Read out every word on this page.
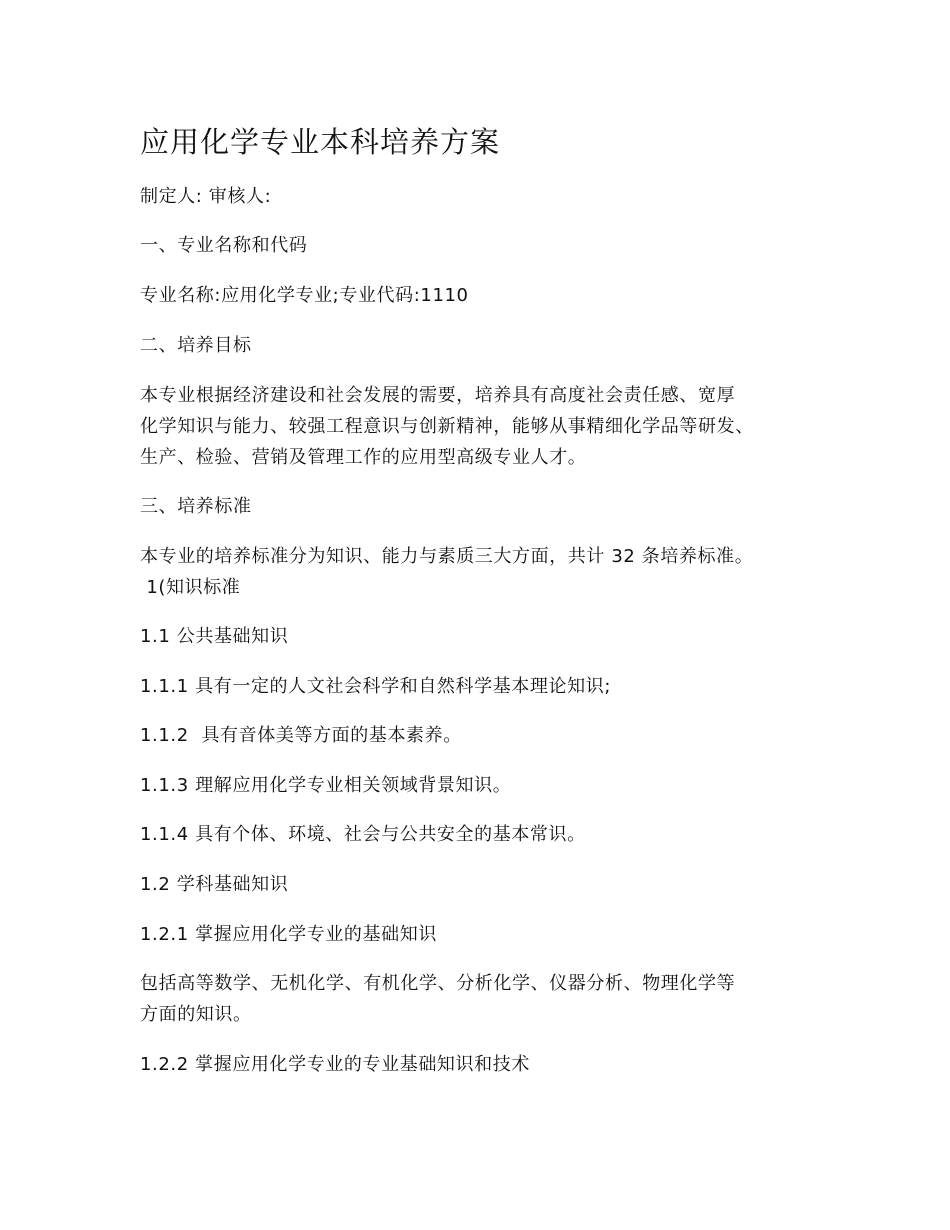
应用化学专业本科培养方案
制定人: 审核人:
一、专业名称和代码
专业名称:应用化学专业;专业代码:1110
二、培养目标
本专业根据经济建设和社会发展的需要，培养具有高度社会责任感、宽厚
化学知识与能力、较强工程意识与创新精神，能够从事精细化学品等研发、
生产、检验、营销及管理工作的应用型高级专业人才。
三、培养标准
本专业的培养标准分为知识、能力与素质三大方面，共计 32 条培养标准。
1(知识标准
1.1 公共基础知识
1.1.1 具有一定的人文社会科学和自然科学基本理论知识;
1.1.2  具有音体美等方面的基本素养。
1.1.3 理解应用化学专业相关领域背景知识。
1.1.4 具有个体、环境、社会与公共安全的基本常识。
1.2 学科基础知识
1.2.1 掌握应用化学专业的基础知识
包括高等数学、无机化学、有机化学、分析化学、仪器分析、物理化学等
方面的知识。
1.2.2 掌握应用化学专业的专业基础知识和技术
